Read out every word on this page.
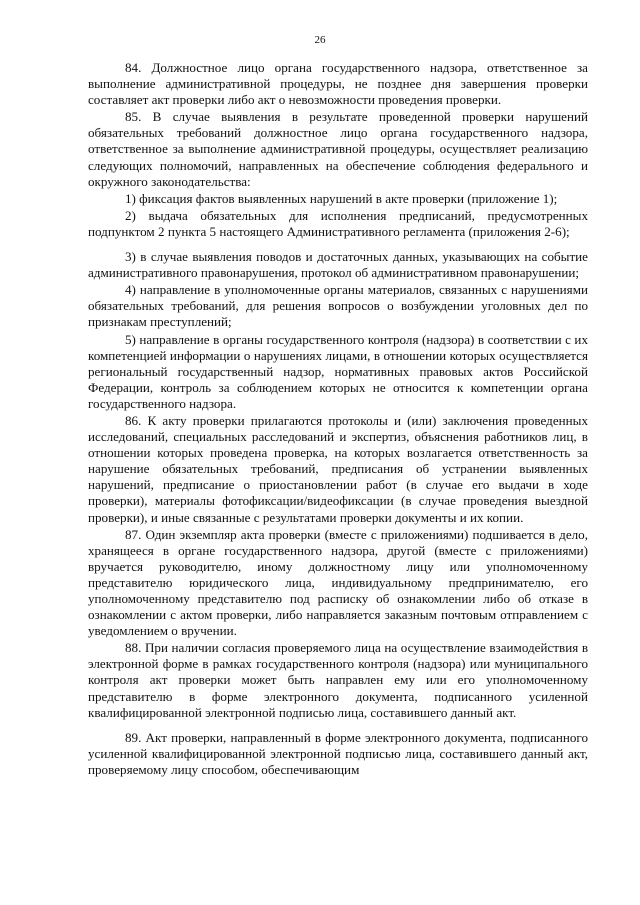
26

84. Должностное лицо органа государственного надзора, ответственное за выполнение административной процедуры, не позднее дня завершения проверки составляет акт проверки либо акт о невозможности проведения проверки.

85. В случае выявления в результате проведенной проверки нарушений обязательных требований должностное лицо органа государственного надзора, ответственное за выполнение административной процедуры, осуществляет реализацию следующих полномочий, направленных на обеспечение соблюдения федерального и окружного законодательства:

1) фиксация фактов выявленных нарушений в акте проверки (приложение 1);

2) выдача обязательных для исполнения предписаний, предусмотренных подпунктом 2 пункта 5 настоящего Административного регламента (приложения 2-6);

3) в случае выявления поводов и достаточных данных, указывающих на событие административного правонарушения, протокол об административном правонарушении;

4) направление в уполномоченные органы материалов, связанных с нарушениями обязательных требований, для решения вопросов о возбуждении уголовных дел по признакам преступлений;

5) направление в органы государственного контроля (надзора) в соответствии с их компетенцией информации о нарушениях лицами, в отношении которых осуществляется региональный государственный надзор, нормативных правовых актов Российской Федерации, контроль за соблюдением которых не относится к компетенции органа государственного надзора.

86. К акту проверки прилагаются протоколы и (или) заключения проведенных исследований, специальных расследований и экспертиз, объяснения работников лиц, в отношении которых проведена проверка, на которых возлагается ответственность за нарушение обязательных требований, предписания об устранении выявленных нарушений, предписание о приостановлении работ (в случае его выдачи в ходе проверки), материалы фотофиксации/видеофиксации (в случае проведения выездной проверки), и иные связанные с результатами проверки документы и их копии.

87. Один экземпляр акта проверки (вместе с приложениями) подшивается в дело, хранящееся в органе государственного надзора, другой (вместе с приложениями) вручается руководителю, иному должностному лицу или уполномоченному представителю юридического лица, индивидуальному предпринимателю, его уполномоченному представителю под расписку об ознакомлении либо об отказе в ознакомлении с актом проверки, либо направляется заказным почтовым отправлением с уведомлением о вручении.

88. При наличии согласия проверяемого лица на осуществление взаимодействия в электронной форме в рамках государственного контроля (надзора) или муниципального контроля акт проверки может быть направлен ему или его уполномоченному представителю в форме электронного документа, подписанного усиленной квалифицированной электронной подписью лица, составившего данный акт.

89. Акт проверки, направленный в форме электронного документа, подписанного усиленной квалифицированной электронной подписью лица, составившего данный акт, проверяемому лицу способом, обеспечивающим
